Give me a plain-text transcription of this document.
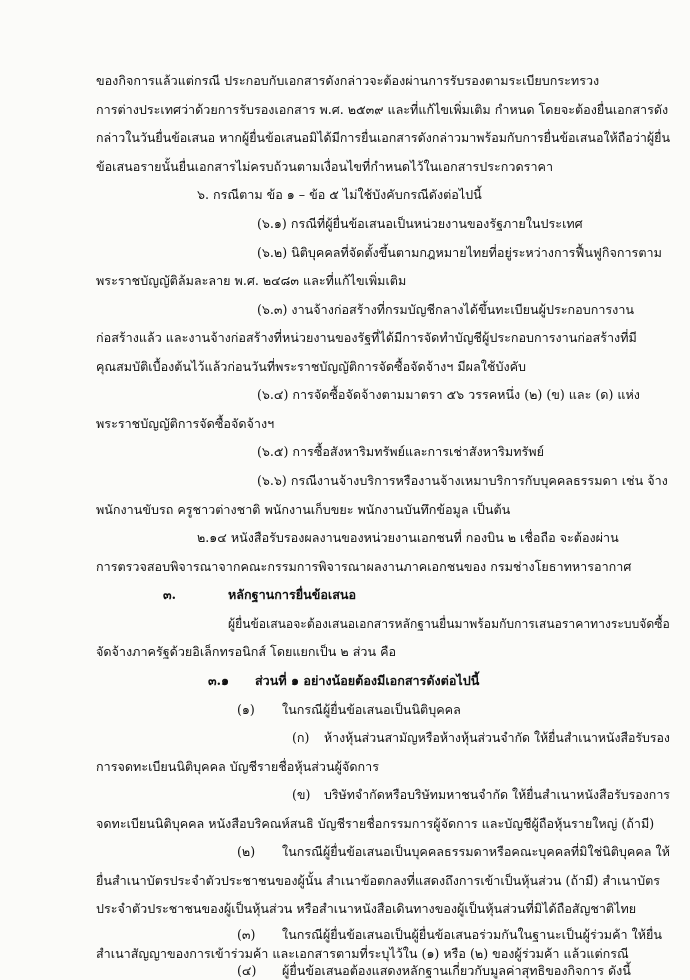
ของกิจการแล้วแต่กรณี ประกอบกับเอกสารดังกล่าวจะต้องผ่านการรับรองตามระเบียบกระทรวง
การต่างประเทศว่าด้วยการรับรองเอกสาร พ.ศ. ๒๕๓๙ และที่แก้ไขเพิ่มเติม กำหนด โดยจะต้องยื่นเอกสารดัง
กล่าวในวันยื่นข้อเสนอ หากผู้ยื่นข้อเสนอมิได้มีการยื่นเอกสารดังกล่าวมาพร้อมกับการยื่นข้อเสนอให้ถือว่าผู้ยื่น
ข้อเสนอรายนั้นยื่นเอกสารไม่ครบถ้วนตามเงื่อนไขที่กำหนดไว้ในเอกสารประกวดราคา
๖. กรณีตาม ข้อ ๑ – ข้อ ๕ ไม่ใช้บังคับกรณีดังต่อไปนี้
(๖.๑) กรณีที่ผู้ยื่นข้อเสนอเป็นหน่วยงานของรัฐภายในประเทศ
(๖.๒) นิติบุคคลที่จัดตั้งขึ้นตามกฎหมายไทยที่อยู่ระหว่างการฟื้นฟูกิจการตาม
พระราชบัญญัติล้มละลาย พ.ศ. ๒๔๘๓ และที่แก้ไขเพิ่มเติม
(๖.๓) งานจ้างก่อสร้างที่กรมบัญชีกลางได้ขึ้นทะเบียนผู้ประกอบการงาน
ก่อสร้างแล้ว และงานจ้างก่อสร้างที่หน่วยงานของรัฐที่ได้มีการจัดทำบัญชีผู้ประกอบการงานก่อสร้างที่มี
คุณสมบัติเบื้องต้นไว้แล้วก่อนวันที่พระราชบัญญัติการจัดซื้อจัดจ้างฯ มีผลใช้บังคับ
(๖.๔) การจัดซื้อจัดจ้างตามมาตรา ๕๖ วรรคหนึ่ง (๒) (ข) และ (ด) แห่ง
พระราชบัญญัติการจัดซื้อจัดจ้างฯ
(๖.๕) การซื้อสังหาริมทรัพย์และการเช่าสังหาริมทรัพย์
(๖.๖) กรณีงานจ้างบริการหรืองานจ้างเหมาบริการกับบุคคลธรรมดา เช่น จ้าง
พนักงานขับรถ ครูชาวต่างชาติ พนักงานเก็บขยะ พนักงานบันทึกข้อมูล เป็นต้น
๒.๑๔ หนังสือรับรองผลงานของหน่วยงานเอกชนที่ กองบิน ๒ เชื่อถือ จะต้องผ่าน
การตรวจสอบพิจารณาจากคณะกรรมการพิจารณาผลงานภาคเอกชนของ กรมช่างโยธาทหารอากาศ
๓.	หลักฐานการยื่นข้อเสนอ
ผู้ยื่นข้อเสนอจะต้องเสนอเอกสารหลักฐานยื่นมาพร้อมกับการเสนอราคาทางระบบจัดซื้อ
จัดจ้างภาครัฐด้วยอิเล็กทรอนิกส์ โดยแยกเป็น ๒ ส่วน คือ
๓.๑ ส่วนที่ ๑ อย่างน้อยต้องมีเอกสารดังต่อไปนี้
(๑) ในกรณีผู้ยื่นข้อเสนอเป็นนิติบุคคล
(ก) ห้างหุ้นส่วนสามัญหรือห้างหุ้นส่วนจำกัด ให้ยื่นสำเนาหนังสือรับรอง
การจดทะเบียนนิติบุคคล บัญชีรายชื่อหุ้นส่วนผู้จัดการ
(ข) บริษัทจำกัดหรือบริษัทมหาชนจำกัด ให้ยื่นสำเนาหนังสือรับรองการ
จดทะเบียนนิติบุคคล หนังสือบริคณห์สนธิ บัญชีรายชื่อกรรมการผู้จัดการ และบัญชีผู้ถือหุ้นรายใหญ่ (ถ้ามี)
(๒) ในกรณีผู้ยื่นข้อเสนอเป็นบุคคลธรรมดาหรือคณะบุคคลที่มิใช่นิติบุคคล ให้
ยื่นสำเนาบัตรประจำตัวประชาชนของผู้นั้น สำเนาข้อตกลงที่แสดงถึงการเข้าเป็นหุ้นส่วน (ถ้ามี) สำเนาบัตร
ประจำตัวประชาชนของผู้เป็นหุ้นส่วน หรือสำเนาหนังสือเดินทางของผู้เป็นหุ้นส่วนที่มิได้ถือสัญชาติไทย
(๓) ในกรณีผู้ยื่นข้อเสนอเป็นผู้ยื่นข้อเสนอร่วมกันในฐานะเป็นผู้ร่วมค้า ให้ยื่น
สำเนาสัญญาของการเข้าร่วมค้า และเอกสารตามที่ระบุไว้ใน (๑) หรือ (๒) ของผู้ร่วมค้า แล้วแต่กรณี
(๔) ผู้ยื่นข้อเสนอต้องแสดงหลักฐานเกี่ยวกับมูลค่าสุทธิของกิจการ ดังนี้
